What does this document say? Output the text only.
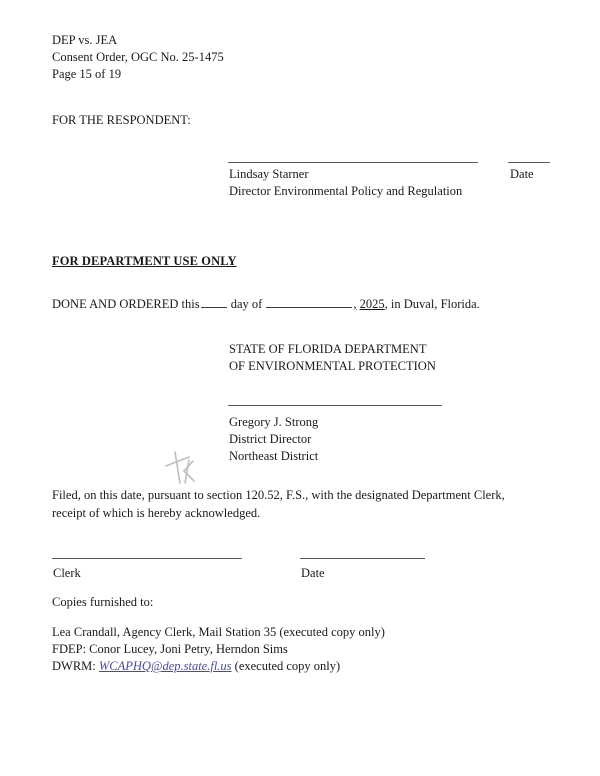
DEP vs. JEA
Consent Order, OGC No. 25-1475
Page 15 of 19
FOR THE RESPONDENT:
Lindsay Starner	Date
Director Environmental Policy and Regulation
FOR DEPARTMENT USE ONLY
DONE AND ORDERED this day of	, 2025, in Duval, Florida.
STATE OF FLORIDA DEPARTMENT
OF ENVIRONMENTAL PROTECTION
Gregory J. Strong
District Director
Northeast District
Filed, on this date, pursuant to section 120.52, F.S., with the designated Department Clerk,
receipt of which is hereby acknowledged.
Clerk	Date
Copies furnished to:
Lea Crandall, Agency Clerk, Mail Station 35 (executed copy only)
FDEP: Conor Lucey, Joni Petry, Herndon Sims
DWRM: WCAPHQ@dep.state.fl.us (executed copy only)
